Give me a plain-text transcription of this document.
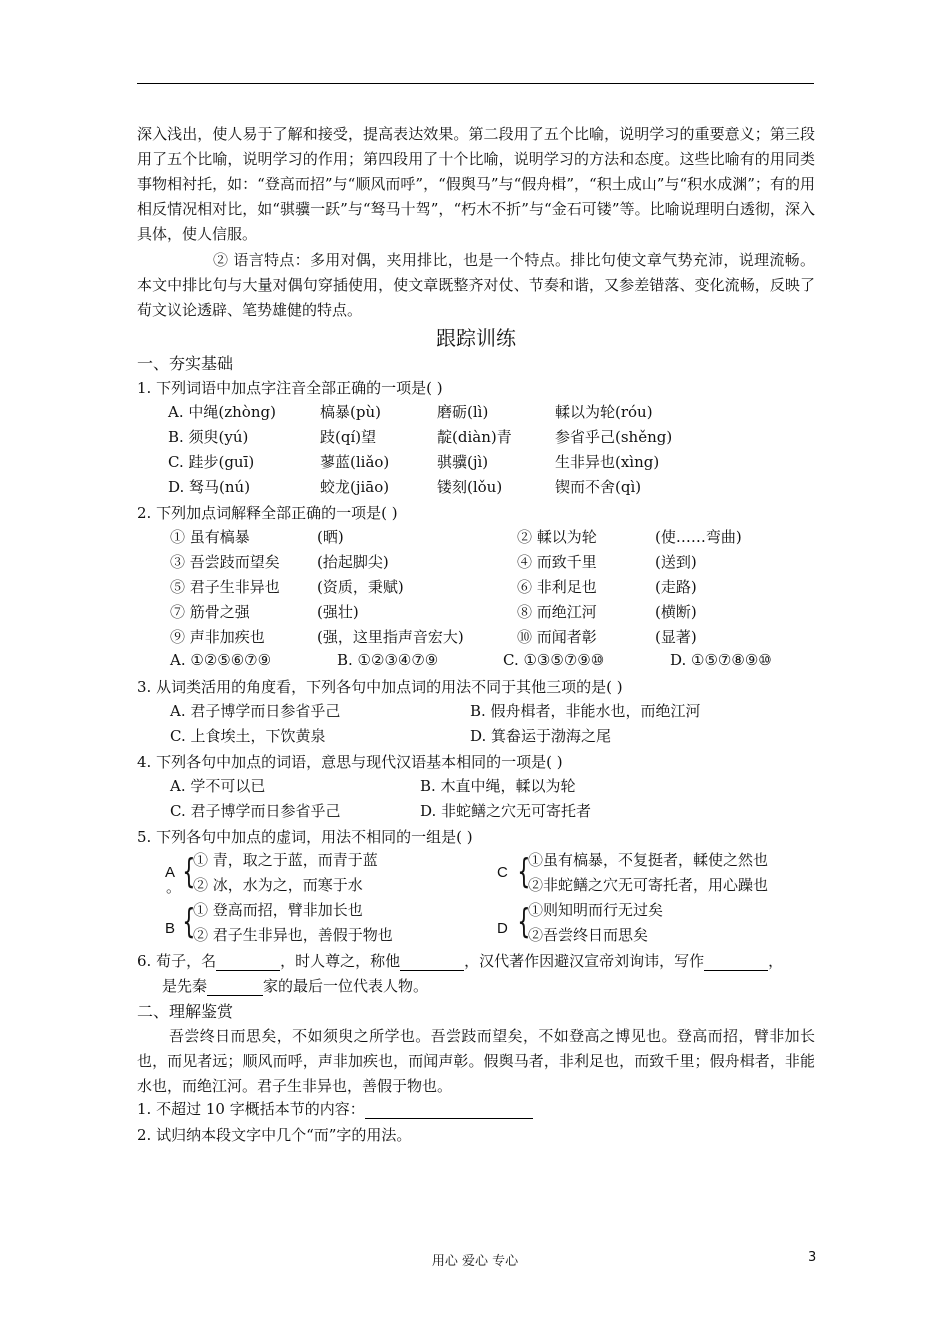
深入浅出，使人易于了解和接受，提高表达效果。第二段用了五个比喻，说明学习的重要意义；第三段用了五个比喻，说明学习的作用；第四段用了十个比喻，说明学习的方法和态度。这些比喻有的用同类事物相衬托，如：“登高而招”与“顺风而呼”，“假舆马”与“假舟楫”，“积土成山”与“积水成渊”；有的用相反情况相对比，如“骐骥一跃”与“驽马十驾”，“朽木不折”与“金石可镂”等。比喻说理明白透彻，深入具体，使人信服。

② 语言特点：多用对偶，夹用排比，也是一个特点。排比句使文章气势充沛，说理流畅。本文中排比句与大量对偶句穿插使用，使文章既整齐对仗、节奏和谐，又参差错落、变化流畅，反映了荀文议论透辟、笔势雄健的特点。

跟踪训练
一、夯实基础
1. 下列词语中加点字注音全部正确的一项是( )
A. 中绳(zhòng)	槁暴(pù)	磨砺(lì)	輮以为轮(róu)
B. 须臾(yú)	跂(qí)望	靛(diàn)青	参省乎己(shěng)
C. 跬步(guī)	蓼蓝(liǎo)	骐骥(jì)	生非异也(xìng)
D. 驽马(nú)	蛟龙(jiāo)	镂刻(lǒu)	锲而不舍(qì)
2. 下列加点词解释全部正确的一项是( )
① 虽有槁暴	(晒)	② 輮以为轮	(使……弯曲)
③ 吾尝跂而望矣 (抬起脚尖)	④ 而致千里	(送到)
⑤ 君子生非异也 (资质，秉赋)	⑥ 非利足也	(走路)
⑦ 筋骨之强	(强壮)	⑧ 而绝江河	(横断)
⑨ 声非加疾也	(强，这里指声音宏大)	⑩ 而闻者彰	(显著)
A. ①②⑤⑥⑦⑨	B. ①②③④⑦⑨	C. ①③⑤⑦⑨⑩	D. ①⑤⑦⑧⑨⑩
3. 从词类活用的角度看，下列各句中加点词的用法不同于其他三项的是( )
A. 君子博学而日参省乎己	B. 假舟楫者，非能水也，而绝江河
C. 上食埃土，下饮黄泉	D. 箕畚运于渤海之尾
4. 下列各句中加点的词语，意思与现代汉语基本相同的一项是( )
A. 学不可以已	B. 木直中绳，輮以为轮
C. 君子博学而日参省乎己	D. 非蛇鳝之穴无可寄托者
5. 下列各句中加点的虚词，用法不相同的一组是( )
A
。 {
① 青，取之于蓝，而青于蓝
② 冰，水为之，而寒于水
C {
①虽有槁暴，不复挺者，輮使之然也
②非蛇鳝之穴无可寄托者，用心躁也
B {
① 登高而招，臂非加长也
② 君子生非异也，善假于物也	D {
①则知明而行无过矣
②吾尝终日而思矣
6. 荀子，名	，时人尊之，称他	，汉代著作因避汉宣帝刘询讳，写作	，
是先秦	家的最后一位代表人物。
二、理解鉴赏

吾尝终日而思矣，不如须臾之所学也。吾尝跂而望矣，不如登高之博见也。登高而招，臂非加长也，而见者远；顺风而呼，声非加疾也，而闻声彰。假舆马者，非利足也，而致千里；假舟楫者，非能水也，而绝江河。君子生非异也，善假于物也。

1. 不超过 10 字概括本节的内容：
2. 试归纳本段文字中几个“而”字的用法。
用心 爱心 专心	3
